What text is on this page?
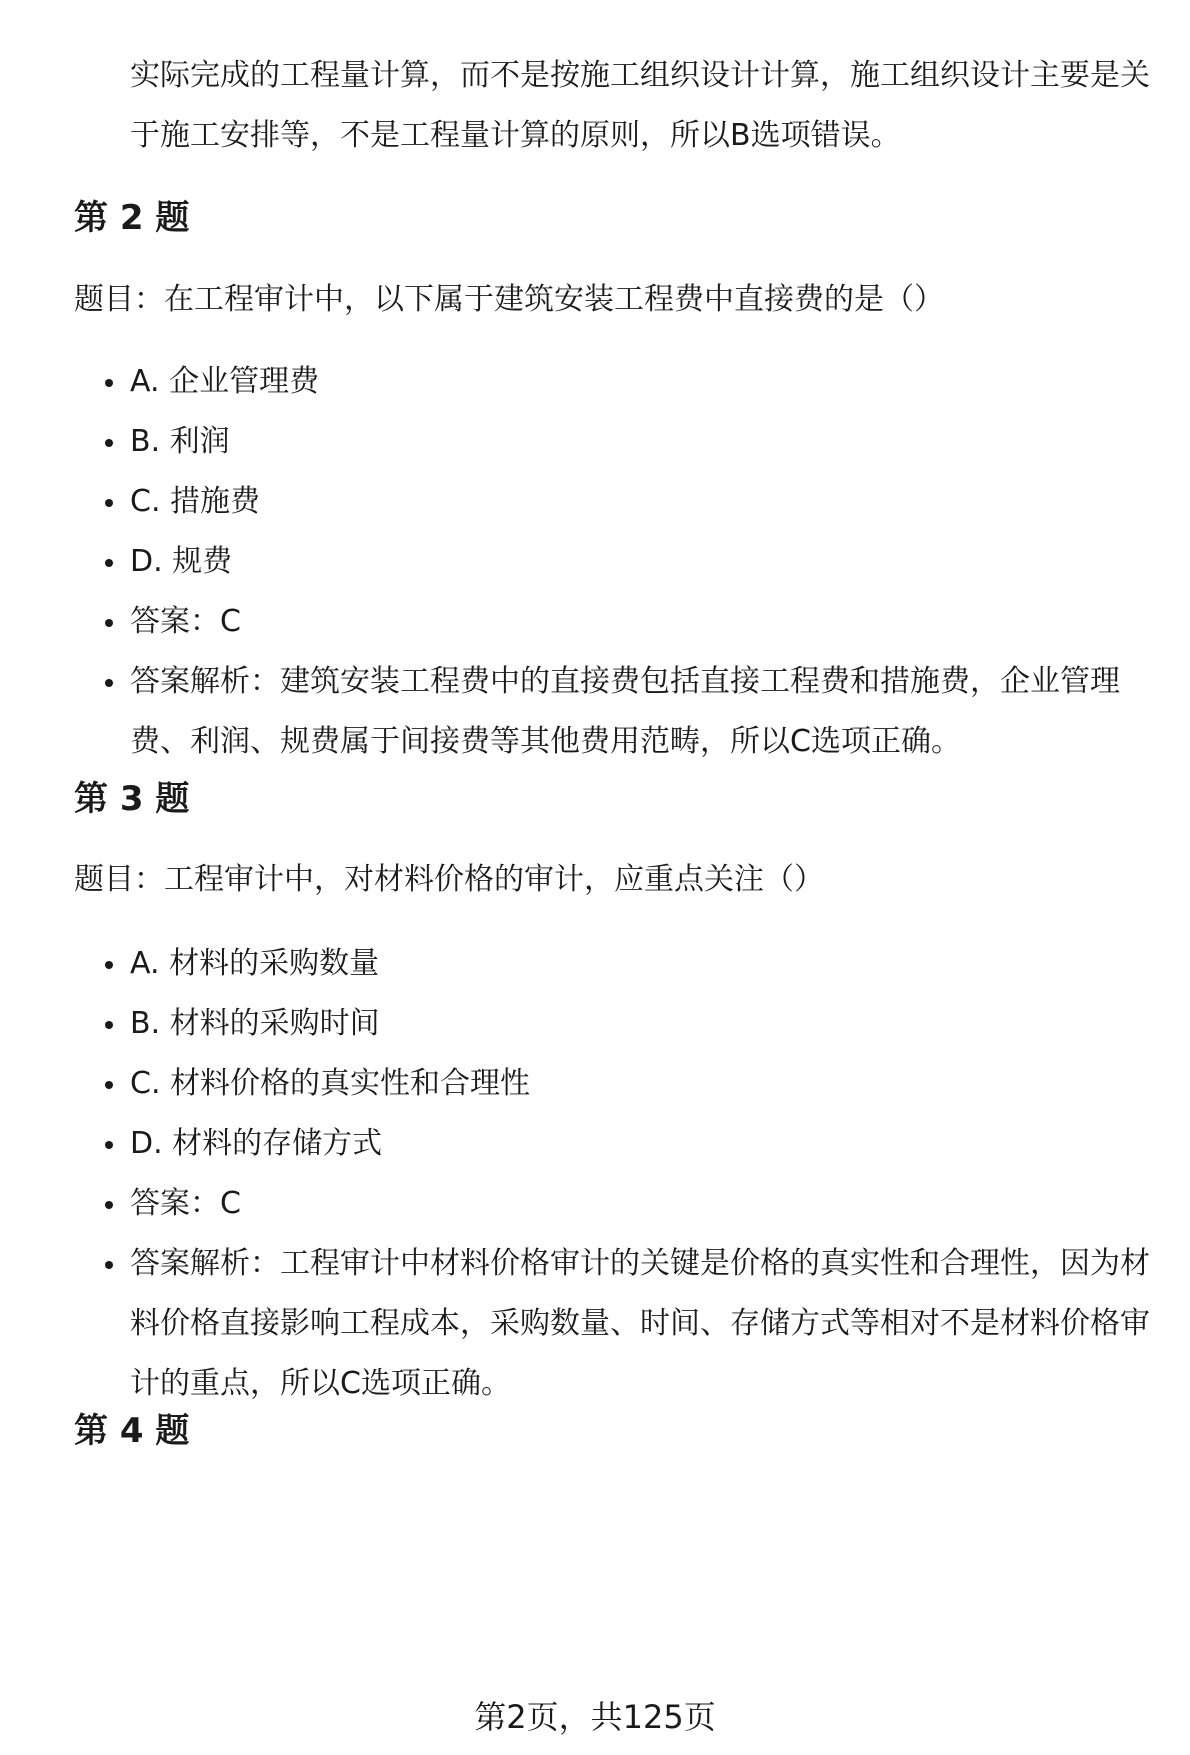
实际完成的工程量计算，而不是按施工组织设计计算，施工组织设计主要是关于施工安排等，不是工程量计算的原则，所以B选项错误。

第 2 题

题目：在工程审计中，以下属于建筑安装工程费中直接费的是（）

A. 企业管理费
B. 利润
C. 措施费
D. 规费
答案：C
答案解析：建筑安装工程费中的直接费包括直接工程费和措施费，企业管理费、利润、规费属于间接费等其他费用范畴，所以C选项正确。
第 3 题

题目：工程审计中，对材料价格的审计，应重点关注（）

A. 材料的采购数量
B. 材料的采购时间
C. 材料价格的真实性和合理性
D. 材料的存储方式
答案：C
答案解析：工程审计中材料价格审计的关键是价格的真实性和合理性，因为材料价格直接影响工程成本，采购数量、时间、存储方式等相对不是材料价格审计的重点，所以C选项正确。
第 4 题
第2页，共125页
